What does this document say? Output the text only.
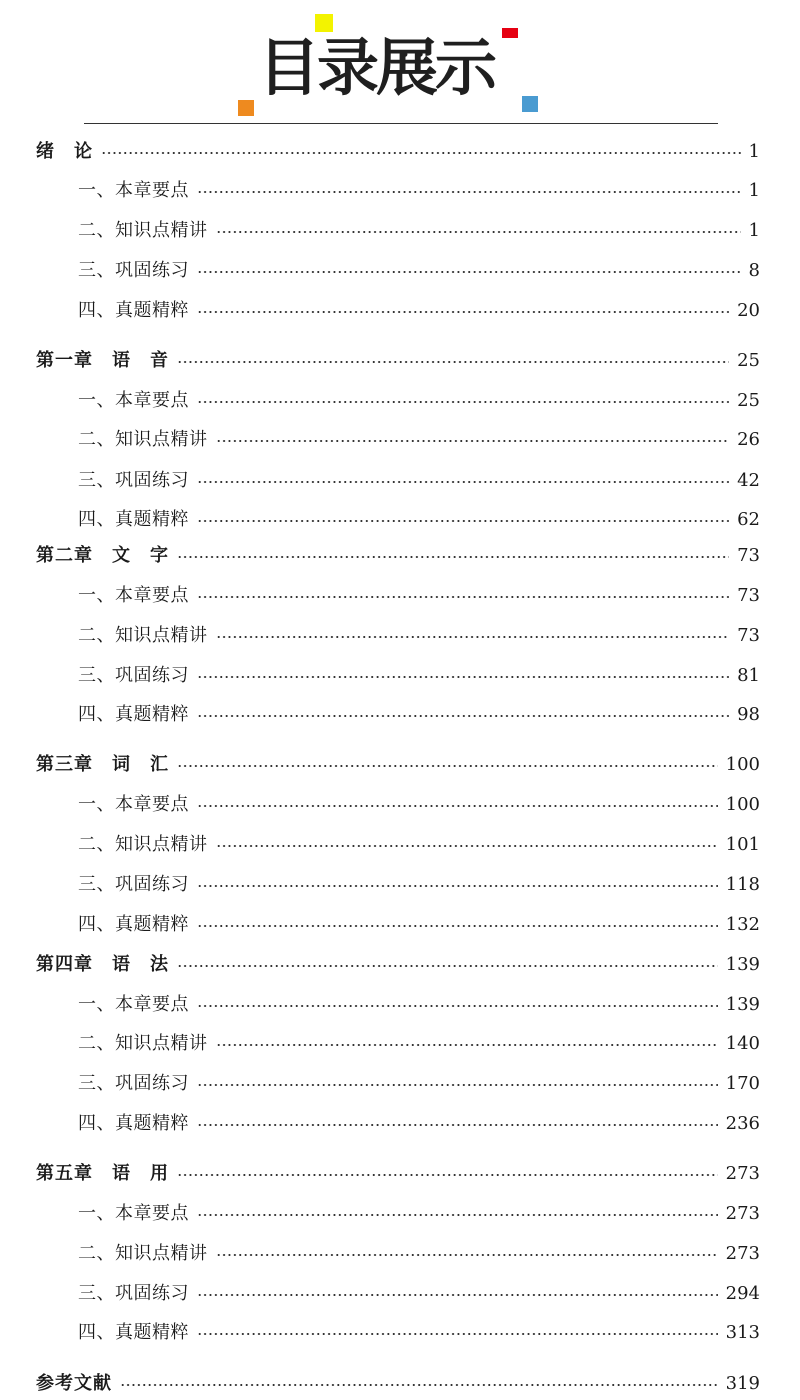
目录展示
绪　论	1
一、本章要点	1
二、知识点精讲	1
三、巩固练习	8
四、真题精粹	20
第一章　语　音	25
一、本章要点	25
二、知识点精讲	26
三、巩固练习	42
四、真题精粹	62
第二章　文　字	73
一、本章要点	73
二、知识点精讲	73
三、巩固练习	81
四、真题精粹	98
第三章　词　汇	100
一、本章要点	100
二、知识点精讲	101
三、巩固练习	118
四、真题精粹	132
第四章　语　法	139
一、本章要点	139
二、知识点精讲	140
三、巩固练习	170
四、真题精粹	236
第五章　语　用	273
一、本章要点	273
二、知识点精讲	273
三、巩固练习	294
四、真题精粹	313
参考文献	319
